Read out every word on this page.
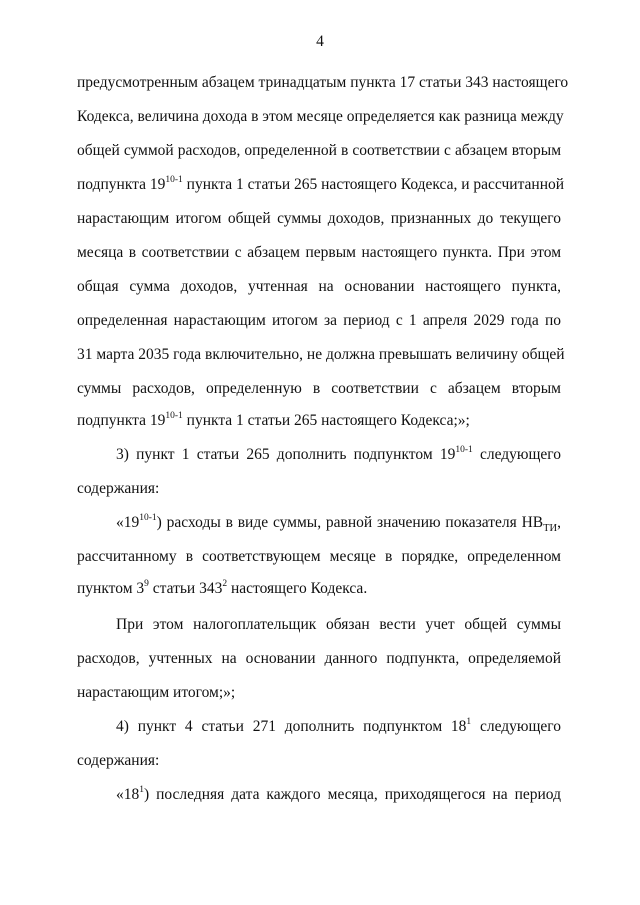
4
предусмотренным абзацем тринадцатым пункта 17 статьи 343 настоящего
Кодекса, величина дохода в этом месяце определяется как разница между
общей суммой расходов, определенной в соответствии с абзацем вторым
подпункта 19$^{10-1}$ пункта 1 статьи 265 настоящего Кодекса, и рассчитанной
нарастающим итогом общей суммы доходов, признанных до текущего
месяца в соответствии с абзацем первым настоящего пункта. При этом
общая сумма доходов, учтенная на основании настоящего пункта,
определенная нарастающим итогом за период с 1 апреля 2029 года по
31 марта 2035 года включительно, не должна превышать величину общей
суммы расходов, определенную в соответствии с абзацем вторым
подпункта 19$^{10-1}$ пункта 1 статьи 265 настоящего Кодекса;»;
3) пункт 1 статьи 265 дополнить подпунктом 19$^{10-1}$ следующего
содержания:
«19$^{10-1}$) расходы в виде суммы, равной значению показателя $НВ_{ТИ}$,
рассчитанному в соответствующем месяце в порядке, определенном
пунктом $3^9$ статьи $343^2$ настоящего Кодекса.
При этом налогоплательщик обязан вести учет общей суммы
расходов, учтенных на основании данного подпункта, определяемой
нарастающим итогом;»;
4) пункт 4 статьи 271 дополнить подпунктом $18^1$ следующего
содержания:
«$18^1$) последняя дата каждого месяца, приходящегося на период
